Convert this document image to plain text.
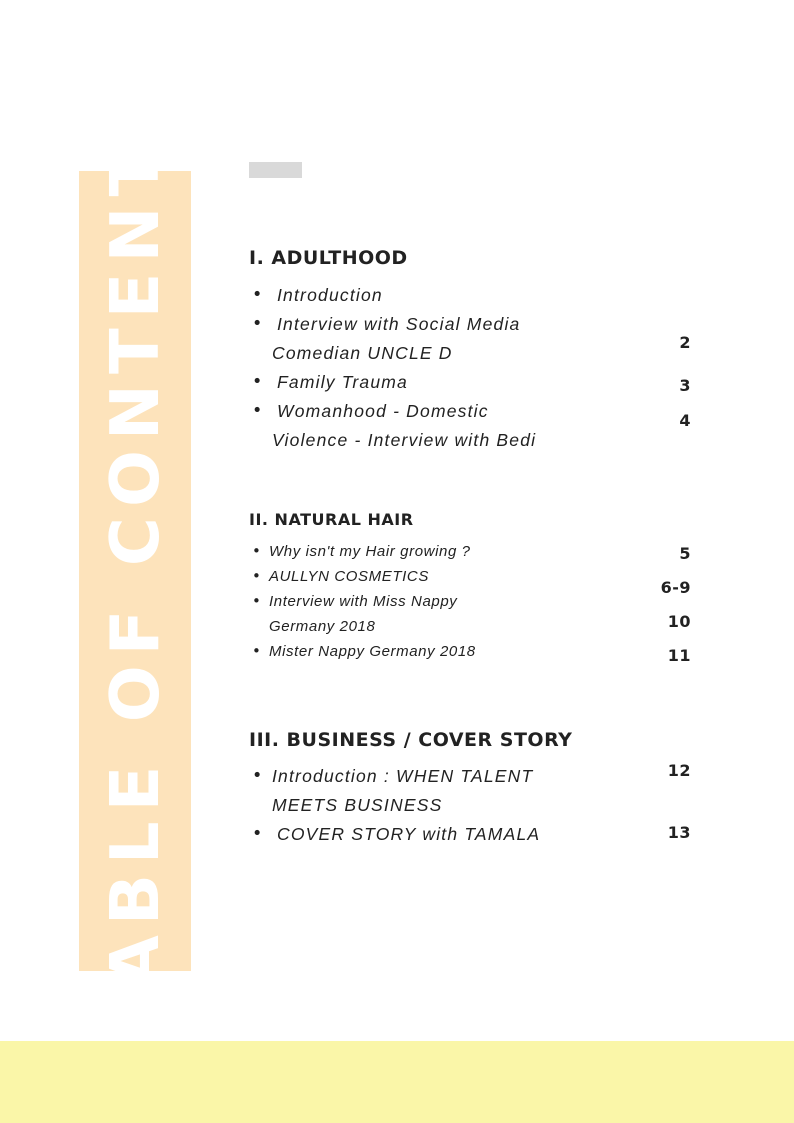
TABLE OF CONTENTS	I. ADULTHOOD
• Introduction
• Interview with Social Media
Comedian UNCLE D
• Family Trauma
• Womanhood - Domestic
Violence - Interview with Bedi

2

3

4

II. NATURAL HAIR
• Why isn't my Hair growing ?
• AULLYN COSMETICS
• Interview with Miss Nappy
Germany 2018
• Mister Nappy Germany 2018

5

6-9

10

11

III. BUSINESS / COVER STORY
• Introduction : WHEN TALENT
MEETS BUSINESS
• COVER STORY with TAMALA

12

13
